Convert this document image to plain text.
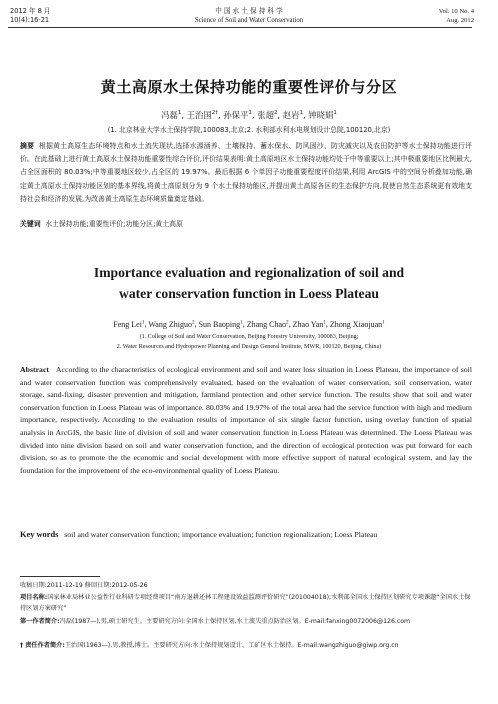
2012 年 8 月
10(4):16-21
中 国 水 土 保 持 科 学
Science of Soil and Water Conservation
Vol. 10 No. 4
Aug. 2012
黄土高原水土保持功能的重要性评价与分区
冯磊$^1$, 王治国$^{2\dagger}$, 孙保平$^1$, 张超$^2$, 赵岩$^1$, 钟晓娟$^1$
(1. 北京林业大学水土保持学院,100083,北京;2. 水利部水利水电规划设计总院,100120,北京)
摘要 根据黄土高原生态环境特点和水土流失现状,选择水源涵养、土壤保持、蓄水保水、防风固沙、防灾减灾以及农田防护等水土保持功能进行评价。在此基础上进行黄土高原水土保持功能重要性综合评价,评价结果表明:黄土高原地区水土保持功能均处于中等重要以上;其中极重要地区比例最大,占全区面积的 80.03%;中等重要地区较少,占全区的 19.97%。最后根据 6 个单因子功能重要程度评价结果,利用 ArcGIS 中的空间分析叠加功能,确定黄土高原水土保持功能区划的基本界线,将黄土高原划分为 9 个水土保持功能区,并提出黄土高原各区的生态保护方向,促使自然生态系统更有效地支持社会和经济的发展,为改善黄土高原生态环境质量奠定基础。
关键词 水土保持功能;重要性评价;功能分区;黄土高原
Importance evaluation and regionalization of soil and
water conservation function in Loess Plateau
Feng Lei$^1$, Wang Zhiguo$^2$, Sun Baoping$^1$, Zhang Chao$^2$, Zhao Yan$^1$, Zhong Xiaojuan$^1$
(1. College of Soil and Water Conservation, Beijing Forestry University, 100083, Beijing;
2. Water Resources and Hydropower Planning and Design General Institute, MWR, 100120, Beijing, China)
Abstract According to the characteristics of ecological environment and soil and water loss situation in Loess Plateau, the importance of soil and water conservation function was comprehensively evaluated, based on the evaluation of water conservation, soil conservation, water storage, sand-fixing, disaster prevention and mitigation, farmland protection and other service function. The results show that soil and water conservation function in Loess Plateau was of importance. 80.03% and 19.97% of the total area had the service function with high and medium importance, respectively. According to the evaluation results of importance of six single factor function, using overlay function of spatial analysis in ArcGIS, the basic line of division of soil and water conservation function in Loess Plateau was determined. The Loess Plateau was divided into nine division based on soil and water conservation function, and the direction of ecological protection was put forward for each division, so as to promote the the economic and social development with more effective support of natural ecological system, and lay the foundation for the improvement of the eco-environmental quality of Loess Plateau.
Key words soil and water conservation function; importance evaluation; function regionalization; Loess Plateau
收稿日期:2011-12-19 修回日期:2012-05-26
项目名称:国家林业局林业公益性行业科研专项经费项目“南方退耕还林工程建设效益监测评价研究”(201004018);水利部全国水土保持区划研究专项课题“全国水土保持区划方案研究”
第一作者简介:冯磊(1987—),男,硕士研究生。主要研究方向:全国水土保持区划,水土流失重点防治区划。E-mail:fanxing0072006@126.com
† 责任作者简介:王治国(1963—),男,教授,博士。主要研究方向:水土保持规划设计、工矿区水土保持。E-mail:wangzhiguo@giwp.org.cn
